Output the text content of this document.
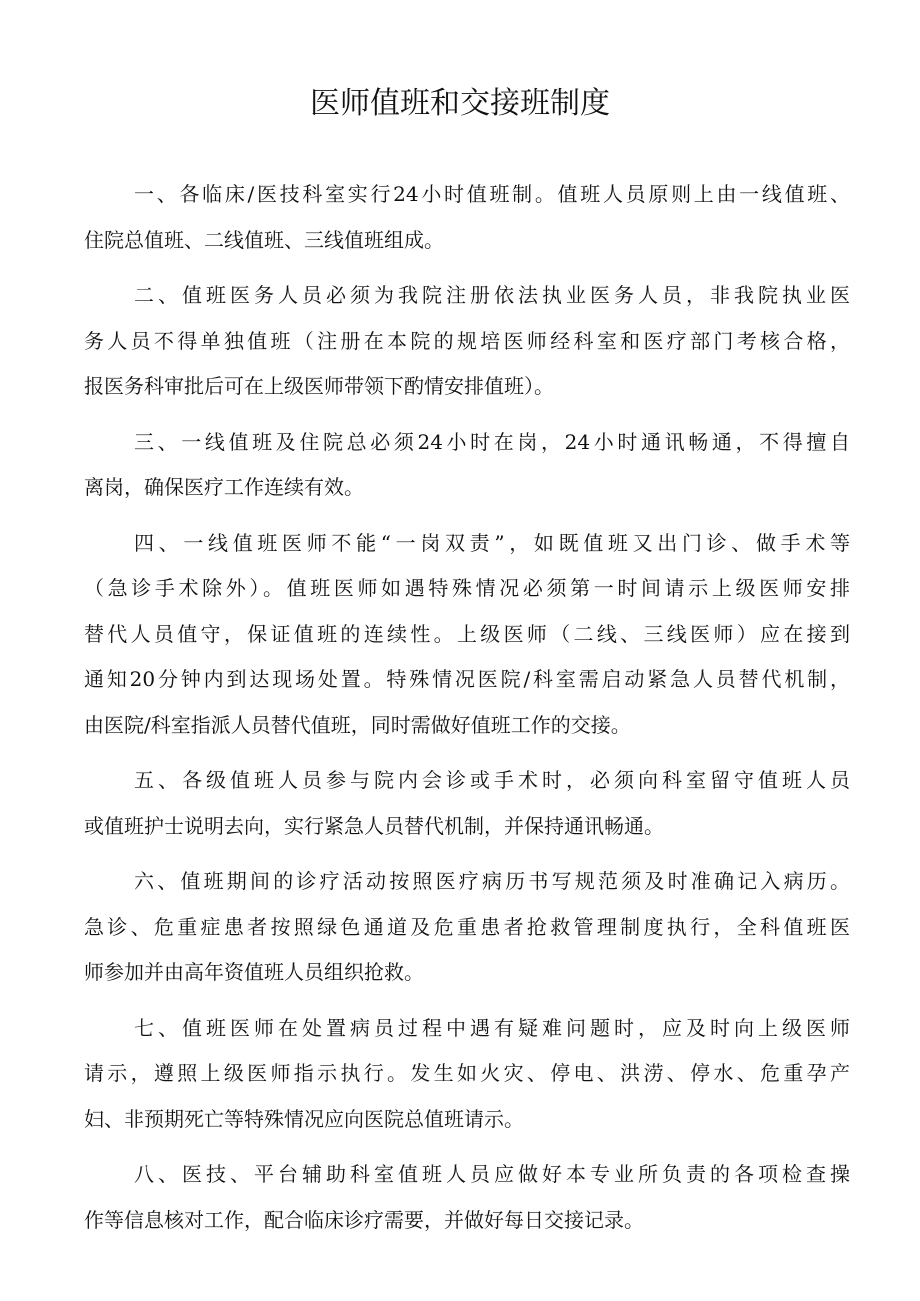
医师值班和交接班制度

一、各临床/医技科室实行24小时值班制。值班人员原则上由一线值班、
住院总值班、二线值班、三线值班组成。

二、值班医务人员必须为我院注册依法执业医务人员，非我院执业医
务人员不得单独值班（注册在本院的规培医师经科室和医疗部门考核合格，
报医务科审批后可在上级医师带领下酌情安排值班）。

三、一线值班及住院总必须24小时在岗，24小时通讯畅通，不得擅自
离岗，确保医疗工作连续有效。

四、一线值班医师不能“一岗双责”，如既值班又出门诊、做手术等
（急诊手术除外）。值班医师如遇特殊情况必须第一时间请示上级医师安排
替代人员值守，保证值班的连续性。上级医师（二线、三线医师）应在接到
通知20分钟内到达现场处置。特殊情况医院/科室需启动紧急人员替代机制，
由医院/科室指派人员替代值班，同时需做好值班工作的交接。

五、各级值班人员参与院内会诊或手术时，必须向科室留守值班人员
或值班护士说明去向，实行紧急人员替代机制，并保持通讯畅通。

六、值班期间的诊疗活动按照医疗病历书写规范须及时准确记入病历。
急诊、危重症患者按照绿色通道及危重患者抢救管理制度执行，全科值班医
师参加并由高年资值班人员组织抢救。

七、值班医师在处置病员过程中遇有疑难问题时，应及时向上级医师
请示，遵照上级医师指示执行。发生如火灾、停电、洪涝、停水、危重孕产
妇、非预期死亡等特殊情况应向医院总值班请示。

八、医技、平台辅助科室值班人员应做好本专业所负责的各项检查操
作等信息核对工作，配合临床诊疗需要，并做好每日交接记录。
